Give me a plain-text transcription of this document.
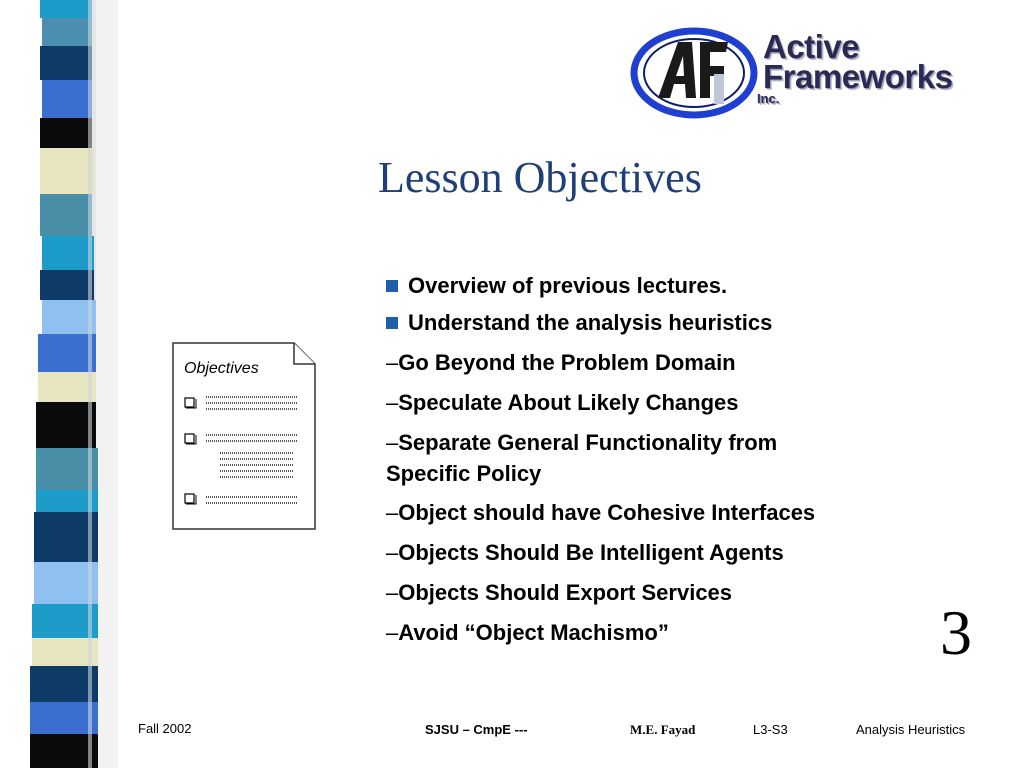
Active
Frameworks
Inc.
Lesson Objectives
Objectives
Overview of previous lectures.
Understand the analysis heuristics
–Go Beyond the Problem Domain
–Speculate About Likely Changes
–Separate General Functionality from Specific Policy
–Object should have Cohesive Interfaces
–Objects Should Be Intelligent Agents
–Objects Should Export Services
–Avoid “Object Machismo”	3
Fall 2002	SJSU – CmpE ---	M.E. Fayad	L3-S3	Analysis Heuristics
